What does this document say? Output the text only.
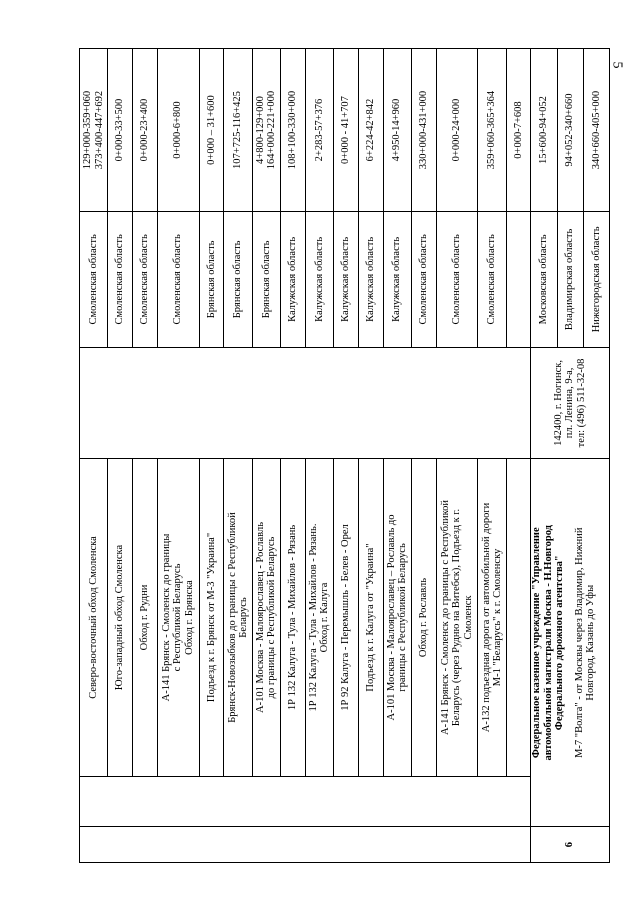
5
		Северо-восточный обход Смоленска		Смоленская область	129+000-359+060
373+400-447+692
		Юго-западный обход Смоленска		Смоленская область	0+000-33+500
		Обход г. Рудни		Смоленская область	0+000-23+400
		А-141 Брянск - Смоленск до границы
с Республикой Беларусь
Обход г. Брянска		Смоленская область	0+000-6+800
		Подъезд к г. Брянск от М-3 "Украина"		Брянская область	0+000 – 31+600
		Брянск-Новозыбков до границы с Республикой
Беларусь		Брянская область	107+725-116+425
		А-101 Москва - Малоярославец - Рославль
до границы с Республикой Беларусь		Брянская область	4+800-129+000
164+000-221+000
		1Р 132 Калуга - Тула - Михайлов - Рязань		Калужская область	108+100-330+000
		1Р 132 Калуга - Тула - Михайлов - Рязань.
Обход г. Калуга		Калужская область	2+283-57+376
		1Р 92 Калуга - Перемышль - Белев - Орел		Калужская область	0+000 - 41+707
		Подъезд к г. Калуга от "Украина"		Калужская область	6+224-42+842
		А-101 Москва - Малоярославец – Рославль до
границы с Республикой Беларусь		Калужская область	4+950-14+960
		Обход г. Рославль		Смоленская область	330+000-431+000
		А-141 Брянск - Смоленск до границы с Республикой
Беларусь (через Рудню на Витебск), Подъезд к г.
Смоленск		Смоленская область	0+000-24+000
		А-132 подъездная дорога от автомобильной дороги
М-1 "Беларусь" к г. Смоленску		Смоленская область	359+060-365+364
					0+000-7+608
6	Федеральное казенное учреждение "Управление
автомобильной магистрали Москва - Н.Новгород
Федерального дорожного агентства" М-7 "Волга" - от Москвы через Владимир, Нижний
Новгород, Казань до Уфы		142400, г. Ногинск,
пл. Ленина, 9-а,
тел: (496) 511-32-08	Московская область	15+600-94+052
				Владимирская область	94+052-340+660
				Нижегородская область	340+660-405+000
